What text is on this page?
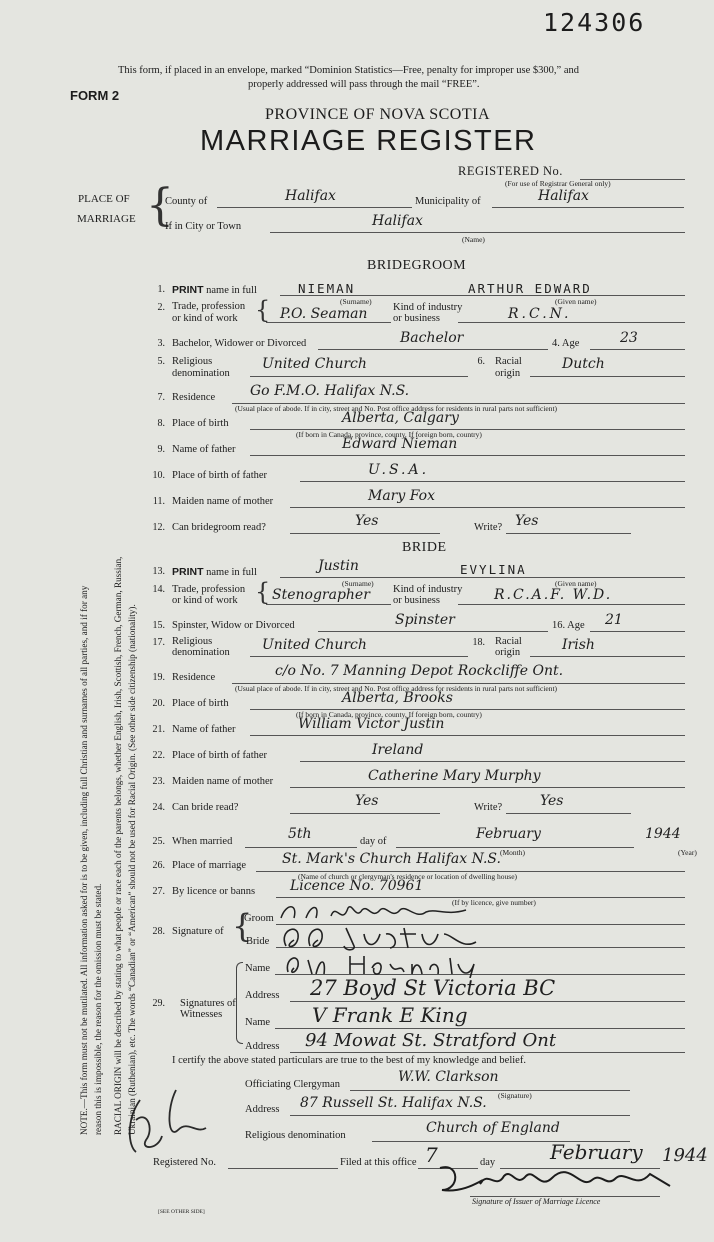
124306
This form, if placed in an envelope, marked “Dominion Statistics—Free, penalty for improper use $300,” and
properly addressed will pass through the mail “FREE”.
FORM 2
PROVINCE OF NOVA SCOTIA
MARRIAGE REGISTER
REGISTERED No.
(For use of Registrar General only)
PLACE OF
MARRIAGE {
County of	Halifax	Municipality of	Halifax
If in City or Town	Halifax
(Name)
BRIDEGROOM
1. PRINT name in full	NIEMAN	ARTHUR EDWARD
(Surname)	(Given name)
2. Trade, profession
or kind of work { P.O. Seaman Kind of industry
or business	R.C.N.
3. Bachelor, Widower or Divorced	Bachelor	4. Age	23
5. Religious
denomination
United Church	6. Racial
origin
Dutch
7. Residence Go F.M.O. Halifax N.S.
(Usual place of abode. If in city, street and No. Post office address for residents in rural parts not sufficient)
8. Place of birth	Alberta, Calgary
(If born in Canada, province, county. If foreign born, country)
9. Name of father	Edward Nieman
10. Place of birth of father	U.S.A.
11. Maiden name of mother	Mary Fox
12. Can bridegroom read?	Yes	Write? Yes
BRIDE
13. PRINT name in full	Justin	EVYLINA
(Surname)	(Given name)
14. Trade, profession
or kind of work { Stenographer Kind of industry
or business	R.C.A.F. W.D.
15. Spinster, Widow or Divorced	Spinster	16. Age 21
17. Religious
denomination United Church	18. Racial
origin	Irish
19. Residence	c/o No. 7 Manning Depot Rockcliffe Ont.
(Usual place of abode. If in city, street and No. Post office address for residents in rural parts not sufficient)
20. Place of birth	Alberta, Brooks
(If born in Canada, province, county. If foreign born, country)
21. Name of father	William Victor Justin
22. Place of birth of father	Ireland
23. Maiden name of mother	Catherine Mary Murphy
24. Can bride read?	Yes	Write?	Yes
25. When married	5th	day of	February
(Month)
1944
(Year)
26. Place of marriage	St. Mark's Church Halifax N.S.
(Name of church or clergyman's residence or location of dwelling house)
27. By licence or banns Licence No. 70961
(If by licence, give number)
28. Signature of {
Groom
Bride
29. Signatures of
Witnesses
Name
Address 27 Boyd St Victoria BC
Name V Frank E King
Address 94 Mowat St. Stratford Ont
I certify the above stated particulars are true to the best of my knowledge and belief.
Officiating Clergyman	W.W. Clarkson
(Signature)
Address 87 Russell St. Halifax N.S.
Religious denomination	Church of England
Registered No.	Filed at this office 7	day	February 1944
Signature of Issuer of Marriage Licence
NOTE.—This form must not be mutilated. All information asked for is to be given, including full Christian and surnames of all parties, and if for any reason this is impossible, the reason for the omission must be stated. RACIAL ORIGIN will be described by stating to what people or race each of the parents belongs, whether English, Irish, Scottish, French, German, Russian, Ukrainian (Ruthenian), etc. The words “Canadian” or “American” should not be used for Racial Origin. (See other side citizenship (nationality).
[SEE OTHER SIDE]
